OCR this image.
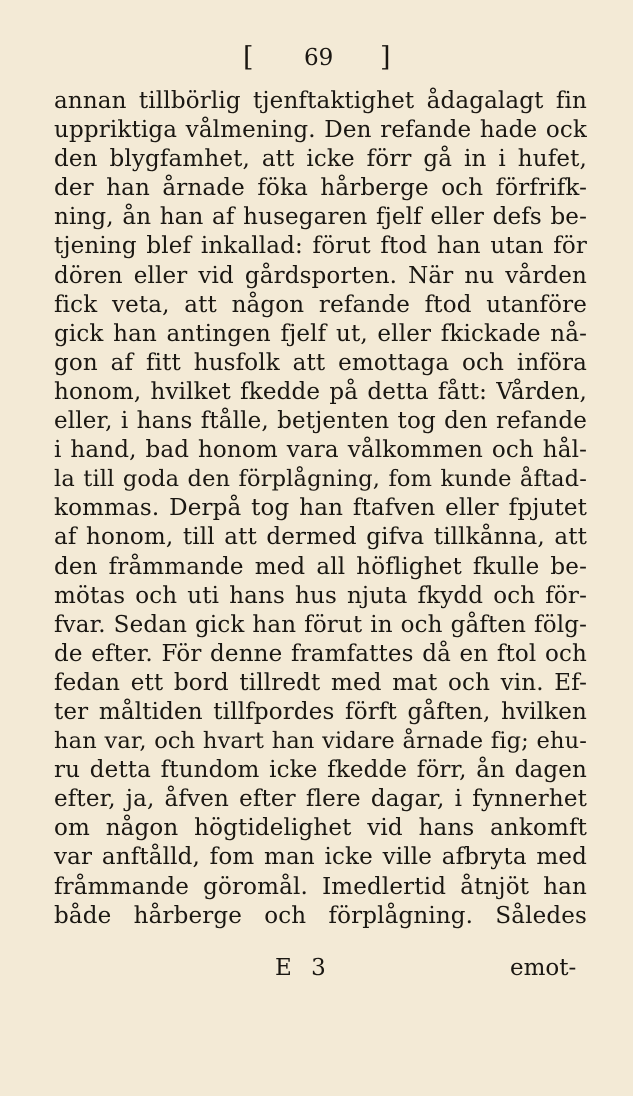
[ 69 ]
annan tillbörlig tjenftaktighet ådagalagt fin
uppriktiga vålmening. Den refande hade ock
den blygfamhet, att icke förr gå in i hufet,
der han årnade föka hårberge och förfrifk-
ning, ån han af husegaren fjelf eller defs be-
tjening blef inkallad: förut ftod han utan för
dören eller vid gårdsporten. När nu vården
fick veta, att någon refande ftod utanföre
gick han antingen fjelf ut, eller fkickade nå-
gon af fitt husfolk att emottaga och införa
honom, hvilket fkedde på detta fått: Vården,
eller, i hans ftålle, betjenten tog den refande
i hand, bad honom vara vålkommen och hål-
la till goda den förplågning, fom kunde åftad-
kommas. Derpå tog han ftafven eller fpjutet
af honom, till att dermed gifva tillkånna, att
den fråmmande med all höflighet fkulle be-
mötas och uti hans hus njuta fkydd och för-
fvar. Sedan gick han förut in och gåften fölg-
de efter. För denne framfattes då en ftol och
fedan ett bord tillredt med mat och vin. Ef-
ter måltiden tillfpordes förft gåften, hvilken
han var, och hvart han vidare årnade fig; ehu-
ru detta ftundom icke fkedde förr, ån dagen
efter, ja, åfven efter flere dagar, i fynnerhet
om någon högtidelighet vid hans ankomft
var anftålld, fom man icke ville afbryta med
fråmmande göromål. Imedlertid åtnjöt han
både hårberge och förplågning. Således
E 3	emot-
